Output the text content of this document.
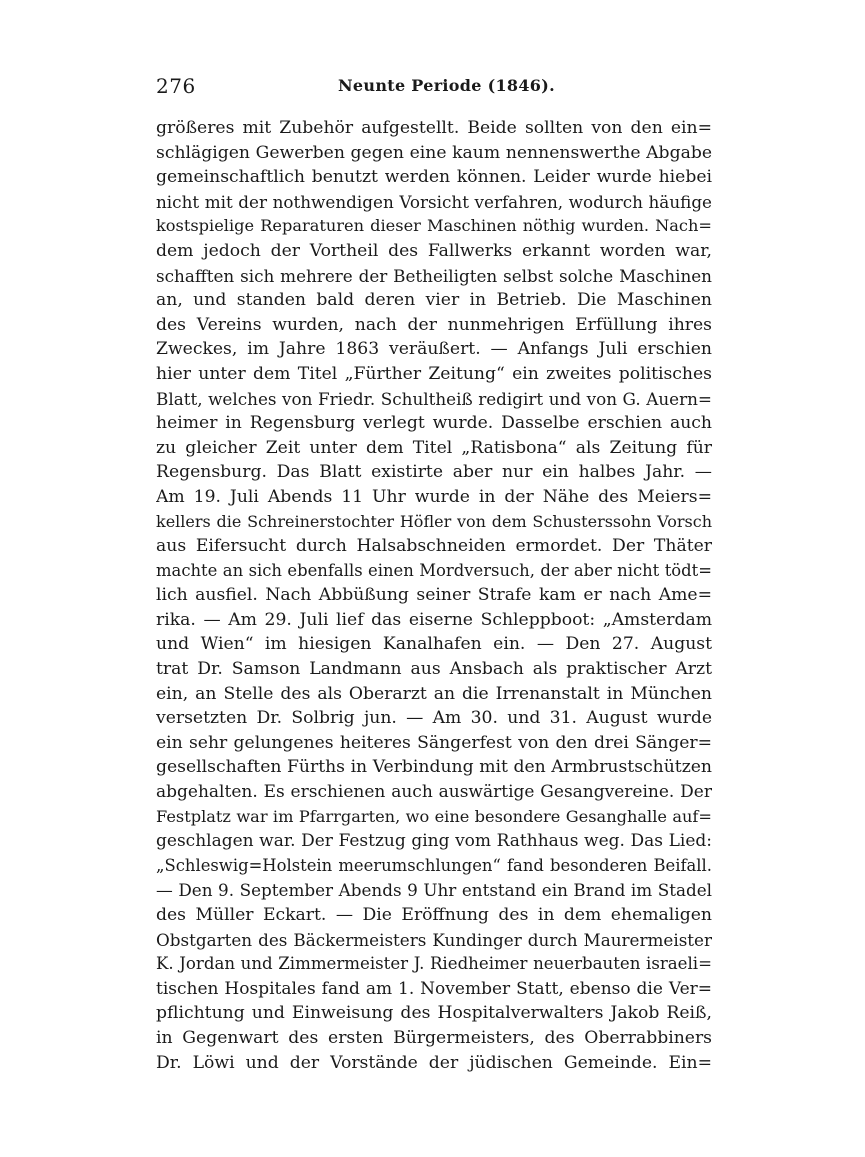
276	Neunte Periode (1846).
größeres mit Zubehör aufgestellt. Beide sollten von den ein=
schlägigen Gewerben gegen eine kaum nennenswerthe Abgabe
gemeinschaftlich benutzt werden können. Leider wurde hiebei
nicht mit der nothwendigen Vorsicht verfahren, wodurch häufige
kostspielige Reparaturen dieser Maschinen nöthig wurden. Nach=
dem jedoch der Vortheil des Fallwerks erkannt worden war,
schafften sich mehrere der Betheiligten selbst solche Maschinen
an, und standen bald deren vier in Betrieb. Die Maschinen
des Vereins wurden, nach der nunmehrigen Erfüllung ihres
Zweckes, im Jahre 1863 veräußert. — Anfangs Juli erschien
hier unter dem Titel „Fürther Zeitung“ ein zweites politisches
Blatt, welches von Friedr. Schultheiß redigirt und von G. Auern=
heimer in Regensburg verlegt wurde. Dasselbe erschien auch
zu gleicher Zeit unter dem Titel „Ratisbona“ als Zeitung für
Regensburg. Das Blatt existirte aber nur ein halbes Jahr. —
Am 19. Juli Abends 11 Uhr wurde in der Nähe des Meiers=
kellers die Schreinerstochter Höfler von dem Schusterssohn Vorsch
aus Eifersucht durch Halsabschneiden ermordet. Der Thäter
machte an sich ebenfalls einen Mordversuch, der aber nicht tödt=
lich ausfiel. Nach Abbüßung seiner Strafe kam er nach Ame=
rika. — Am 29. Juli lief das eiserne Schleppboot: „Amsterdam
und Wien“ im hiesigen Kanalhafen ein. — Den 27. August
trat Dr. Samson Landmann aus Ansbach als praktischer Arzt
ein, an Stelle des als Oberarzt an die Irrenanstalt in München
versetzten Dr. Solbrig jun. — Am 30. und 31. August wurde
ein sehr gelungenes heiteres Sängerfest von den drei Sänger=
gesellschaften Fürths in Verbindung mit den Armbrustschützen
abgehalten. Es erschienen auch auswärtige Gesangvereine. Der
Festplatz war im Pfarrgarten, wo eine besondere Gesanghalle auf=
geschlagen war. Der Festzug ging vom Rathhaus weg. Das Lied:
„Schleswig=Holstein meerumschlungen“ fand besonderen Beifall.
— Den 9. September Abends 9 Uhr entstand ein Brand im Stadel
des Müller Eckart. — Die Eröffnung des in dem ehemaligen
Obstgarten des Bäckermeisters Kundinger durch Maurermeister
K. Jordan und Zimmermeister J. Riedheimer neuerbauten israeli=
tischen Hospitales fand am 1. November Statt, ebenso die Ver=
pflichtung und Einweisung des Hospitalverwalters Jakob Reiß,
in Gegenwart des ersten Bürgermeisters, des Oberrabbiners
Dr. Löwi und der Vorstände der jüdischen Gemeinde. Ein=
